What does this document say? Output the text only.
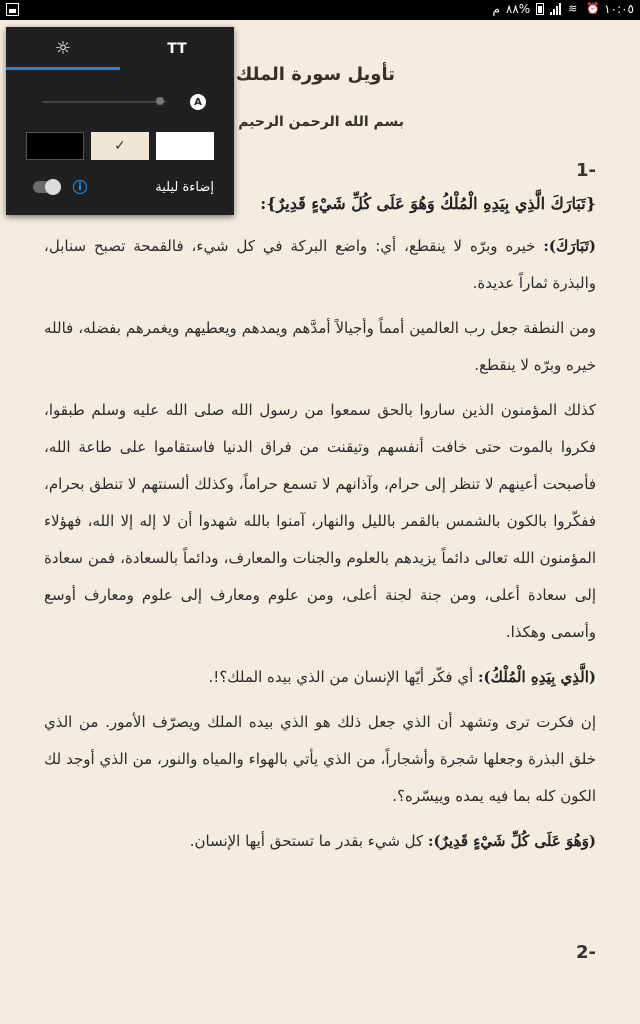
م ٨٨%	≋ ⏰ ١٠:٠٥
تأويل سورة الملك
بسم الله الرحمن الرحيم
1-
{تَبَارَكَ الَّذِي بِيَدِهِ الْمُلْكُ وَهُوَ عَلَى كُلِّ شَيْءٍ قَدِيرٌ}:

(تَبَارَكَ): خيره وبرّه لا ينقطع، أي: واضع البركة في كل شيء، فالقمحة تصبح سنابل، والبذرة ثماراً عديدة.

ومن النطفة جعل رب العالمين أمماً وأجيالاً أمدَّهم ويمدهم ويعطيهم ويغمرهم بفضله، فالله خيره وبرّه لا ينقطع.

كذلك المؤمنون الذين ساروا بالحق سمعوا من رسول الله صلى الله عليه وسلم طبقوا، فكروا بالموت حتى خافت أنفسهم وتيقنت من فراق الدنيا فاستقاموا على طاعة الله، فأصبحت أعينهم لا تنظر إلى حرام، وآذانهم لا تسمع حراماً، وكذلك ألسنتهم لا تنطق بحرام، ففكّروا بالكون بالشمس بالقمر بالليل والنهار، آمنوا بالله شهدوا أن لا إله إلا الله، فهؤلاء المؤمنون الله تعالى دائماً يزيدهم بالعلوم والجنات والمعارف، ودائماً بالسعادة، فمن سعادة إلى سعادة أعلى، ومن جنة لجنة أعلى، ومن علوم ومعارف إلى علوم ومعارف أوسع وأسمى وهكذا.

(الَّذِي بِيَدِهِ الْمُلْكُ): أي فكّر أيّها الإنسان من الذي بيده الملك؟!.

إن فكرت ترى وتشهد أن الذي جعل ذلك هو الذي بيده الملك ويصرّف الأمور. من الذي خلق البذرة وجعلها شجرة وأشجاراً، من الذي يأتي بالهواء والمياه والنور، من الذي أوجد لك الكون كله بما فيه يمده وييسّره؟.

(وَهُوَ عَلَى كُلِّ شَيْءٍ قَدِيرٌ): كل شيء بقدر ما تستحق أيها الإنسان.

2-
☼	TT
A
✓
إضاءة ليلية
i
